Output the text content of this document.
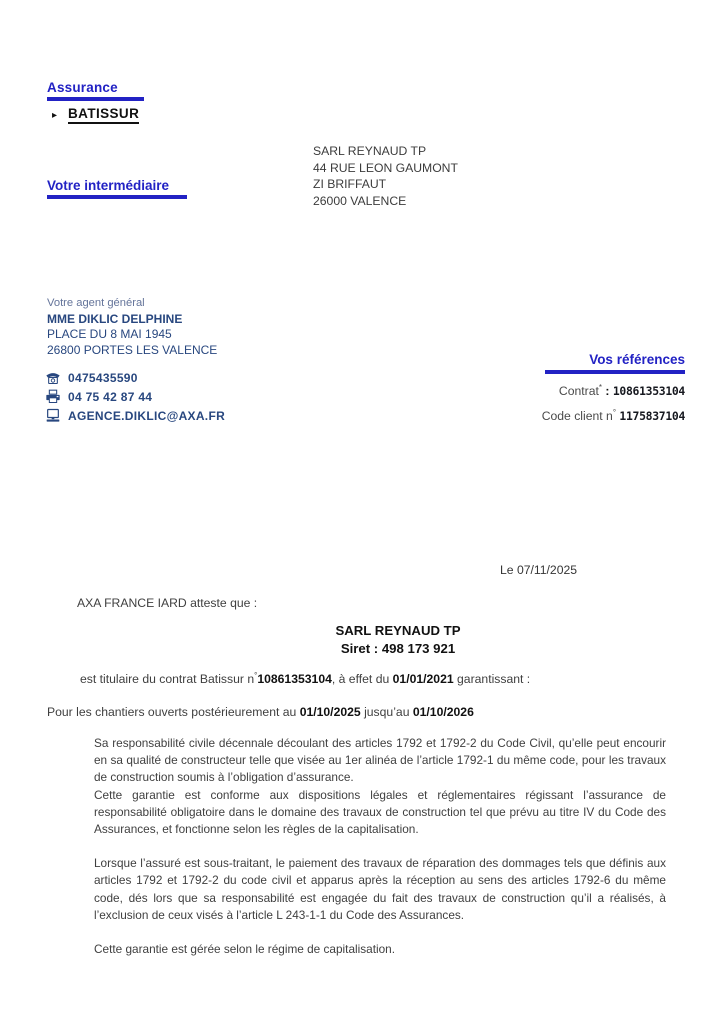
Assurance
▸ BATISSUR
SARL REYNAUD TP
44 RUE LEON GAUMONT
ZI BRIFFAUT
26000 VALENCE
Votre intermédiaire
Votre agent général
MME DIKLIC DELPHINE
PLACE DU 8 MAI 1945
26800 PORTES LES VALENCE
0475435590
04 75 42 87 44
AGENCE.DIKLIC@AXA.FR
Vos références
Contrat* : 10861353104
Code client n° 1175837104
Le 07/11/2025
AXA FRANCE IARD atteste que :
SARL REYNAUD TP
Siret : 498 173 921
est titulaire du contrat Batissur n°10861353104, à effet du 01/01/2021 garantissant :
Pour les chantiers ouverts postérieurement au 01/10/2025 jusqu’au 01/10/2026
Sa responsabilité civile décennale découlant des articles 1792 et 1792-2 du Code Civil, qu’elle peut encourir en sa qualité de constructeur telle que visée au 1er alinéa de l’article 1792-1 du même code, pour les travaux de construction soumis à l’obligation d’assurance.
Cette garantie est conforme aux dispositions légales et réglementaires régissant l’assurance de responsabilité obligatoire dans le domaine des travaux de construction tel que prévu au titre IV du Code des Assurances, et fonctionne selon les règles de la capitalisation.
Lorsque l’assuré est sous-traitant, le paiement des travaux de réparation des dommages tels que définis aux articles 1792 et 1792-2 du code civil et apparus après la réception au sens des articles 1792-6 du même code, dés lors que sa responsabilité est engagée du fait des travaux de construction qu’il a réalisés, à l’exclusion de ceux visés à l’article L 243-1-1 du Code des Assurances.
Cette garantie est gérée selon le régime de capitalisation.
